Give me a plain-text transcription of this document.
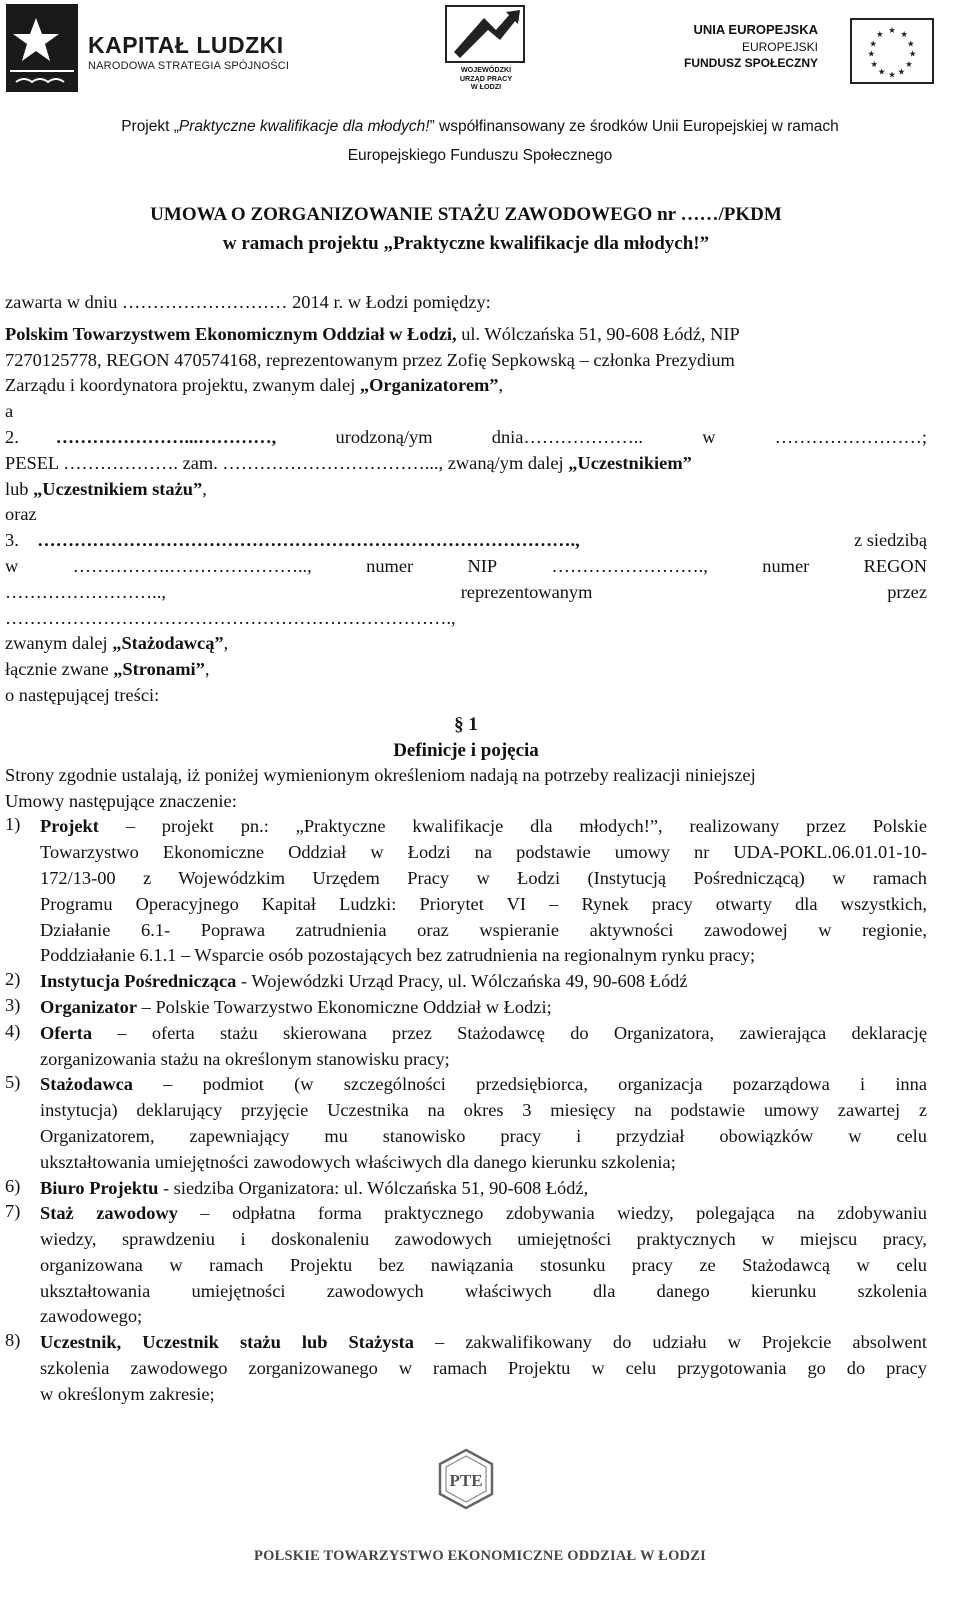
KAPITAŁ LUDZKI
NARODOWA STRATEGIA SPÓJNOŚCI	WOJEWÓDZKI
URZĄD PRACY
W ŁODZI
UNIA EUROPEJSKA
EUROPEJSKI
FUNDUSZ SPOŁECZNY
★ ★
★
★
★
★
★
★
★
★
★
★
Projekt „Praktyczne kwalifikacje dla młodych!” współfinansowany ze środków Unii Europejskiej w ramach
Europejskiego Funduszu Społecznego
UMOWA O ZORGANIZOWANIE STAŻU ZAWODOWEGO nr ……/PKDM
w ramach projektu „Praktyczne kwalifikacje dla młodych!”
zawarta w dniu ……………………… 2014 r. w Łodzi pomiędzy:
Polskim Towarzystwem Ekonomicznym Oddział w Łodzi, ul. Wólczańska 51, 90-608 Łódź, NIP
7270125778, REGON 470574168, reprezentowanym przez Zofię Sepkowską – członka Prezydium
Zarządu i koordynatora projektu, zwanym dalej „Organizatorem”,
a
2. …………………...…………,	urodzoną/ym	dnia………………..	w	……………………;
PESEL ………………. zam. ……………………………..., zwaną/ym dalej „Uczestnikiem”
lub „Uczestnikiem stażu”,
oraz
3. …………………………………………………………………………….,	z siedzibą
w	…………….…………………..,	numer	NIP	…………………….,	numer	REGON
……………………..,	reprezentowanym	przez
……………………………………………………………….,
zwanym dalej „Stażodawcą”,
łącznie zwane „Stronami”,
o następującej treści:
§ 1
Definicje i pojęcia
Strony zgodnie ustalają, iż poniżej wymienionym określeniom nadają na potrzeby realizacji niniejszej
Umowy następujące znaczenie:
1) Projekt – projekt pn.: „Praktyczne kwalifikacje dla młodych!”, realizowany przez Polskie
Towarzystwo Ekonomiczne Oddział w Łodzi na podstawie umowy nr UDA-POKL.06.01.01-10-
172/13-00 z Wojewódzkim Urzędem Pracy w Łodzi (Instytucją Pośredniczącą) w ramach
Programu Operacyjnego Kapitał Ludzki: Priorytet VI – Rynek pracy otwarty dla wszystkich,
Działanie 6.1- Poprawa zatrudnienia oraz wspieranie aktywności zawodowej w regionie,
Poddziałanie 6.1.1 – Wsparcie osób pozostających bez zatrudnienia na regionalnym rynku pracy;
2) Instytucja Pośrednicząca - Wojewódzki Urząd Pracy, ul. Wólczańska 49, 90-608 Łódź
3) Organizator – Polskie Towarzystwo Ekonomiczne Oddział w Łodzi;
4) Oferta – oferta stażu skierowana przez Stażodawcę do Organizatora, zawierająca deklarację
zorganizowania stażu na określonym stanowisku pracy;
5) Stażodawca – podmiot (w szczególności przedsiębiorca, organizacja pozarządowa i inna
instytucja) deklarujący przyjęcie Uczestnika na okres 3 miesięcy na podstawie umowy zawartej z
Organizatorem, zapewniający mu stanowisko pracy i przydział obowiązków w celu
ukształtowania umiejętności zawodowych właściwych dla danego kierunku szkolenia;
6) Biuro Projektu - siedziba Organizatora: ul. Wólczańska 51, 90-608 Łódź,
7) Staż zawodowy – odpłatna forma praktycznego zdobywania wiedzy, polegająca na zdobywaniu
wiedzy, sprawdzeniu i doskonaleniu zawodowych umiejętności praktycznych w miejscu pracy,
organizowana w ramach Projektu bez nawiązania stosunku pracy ze Stażodawcą w celu
ukształtowania umiejętności zawodowych właściwych dla danego kierunku szkolenia
zawodowego;
8) Uczestnik, Uczestnik stażu lub Stażysta – zakwalifikowany do udziału w Projekcie absolwent
szkolenia zawodowego zorganizowanego w ramach Projektu w celu przygotowania go do pracy
w określonym zakresie;
PTE
POLSKIE TOWARZYSTWO EKONOMICZNE ODDZIAŁ W ŁODZI
